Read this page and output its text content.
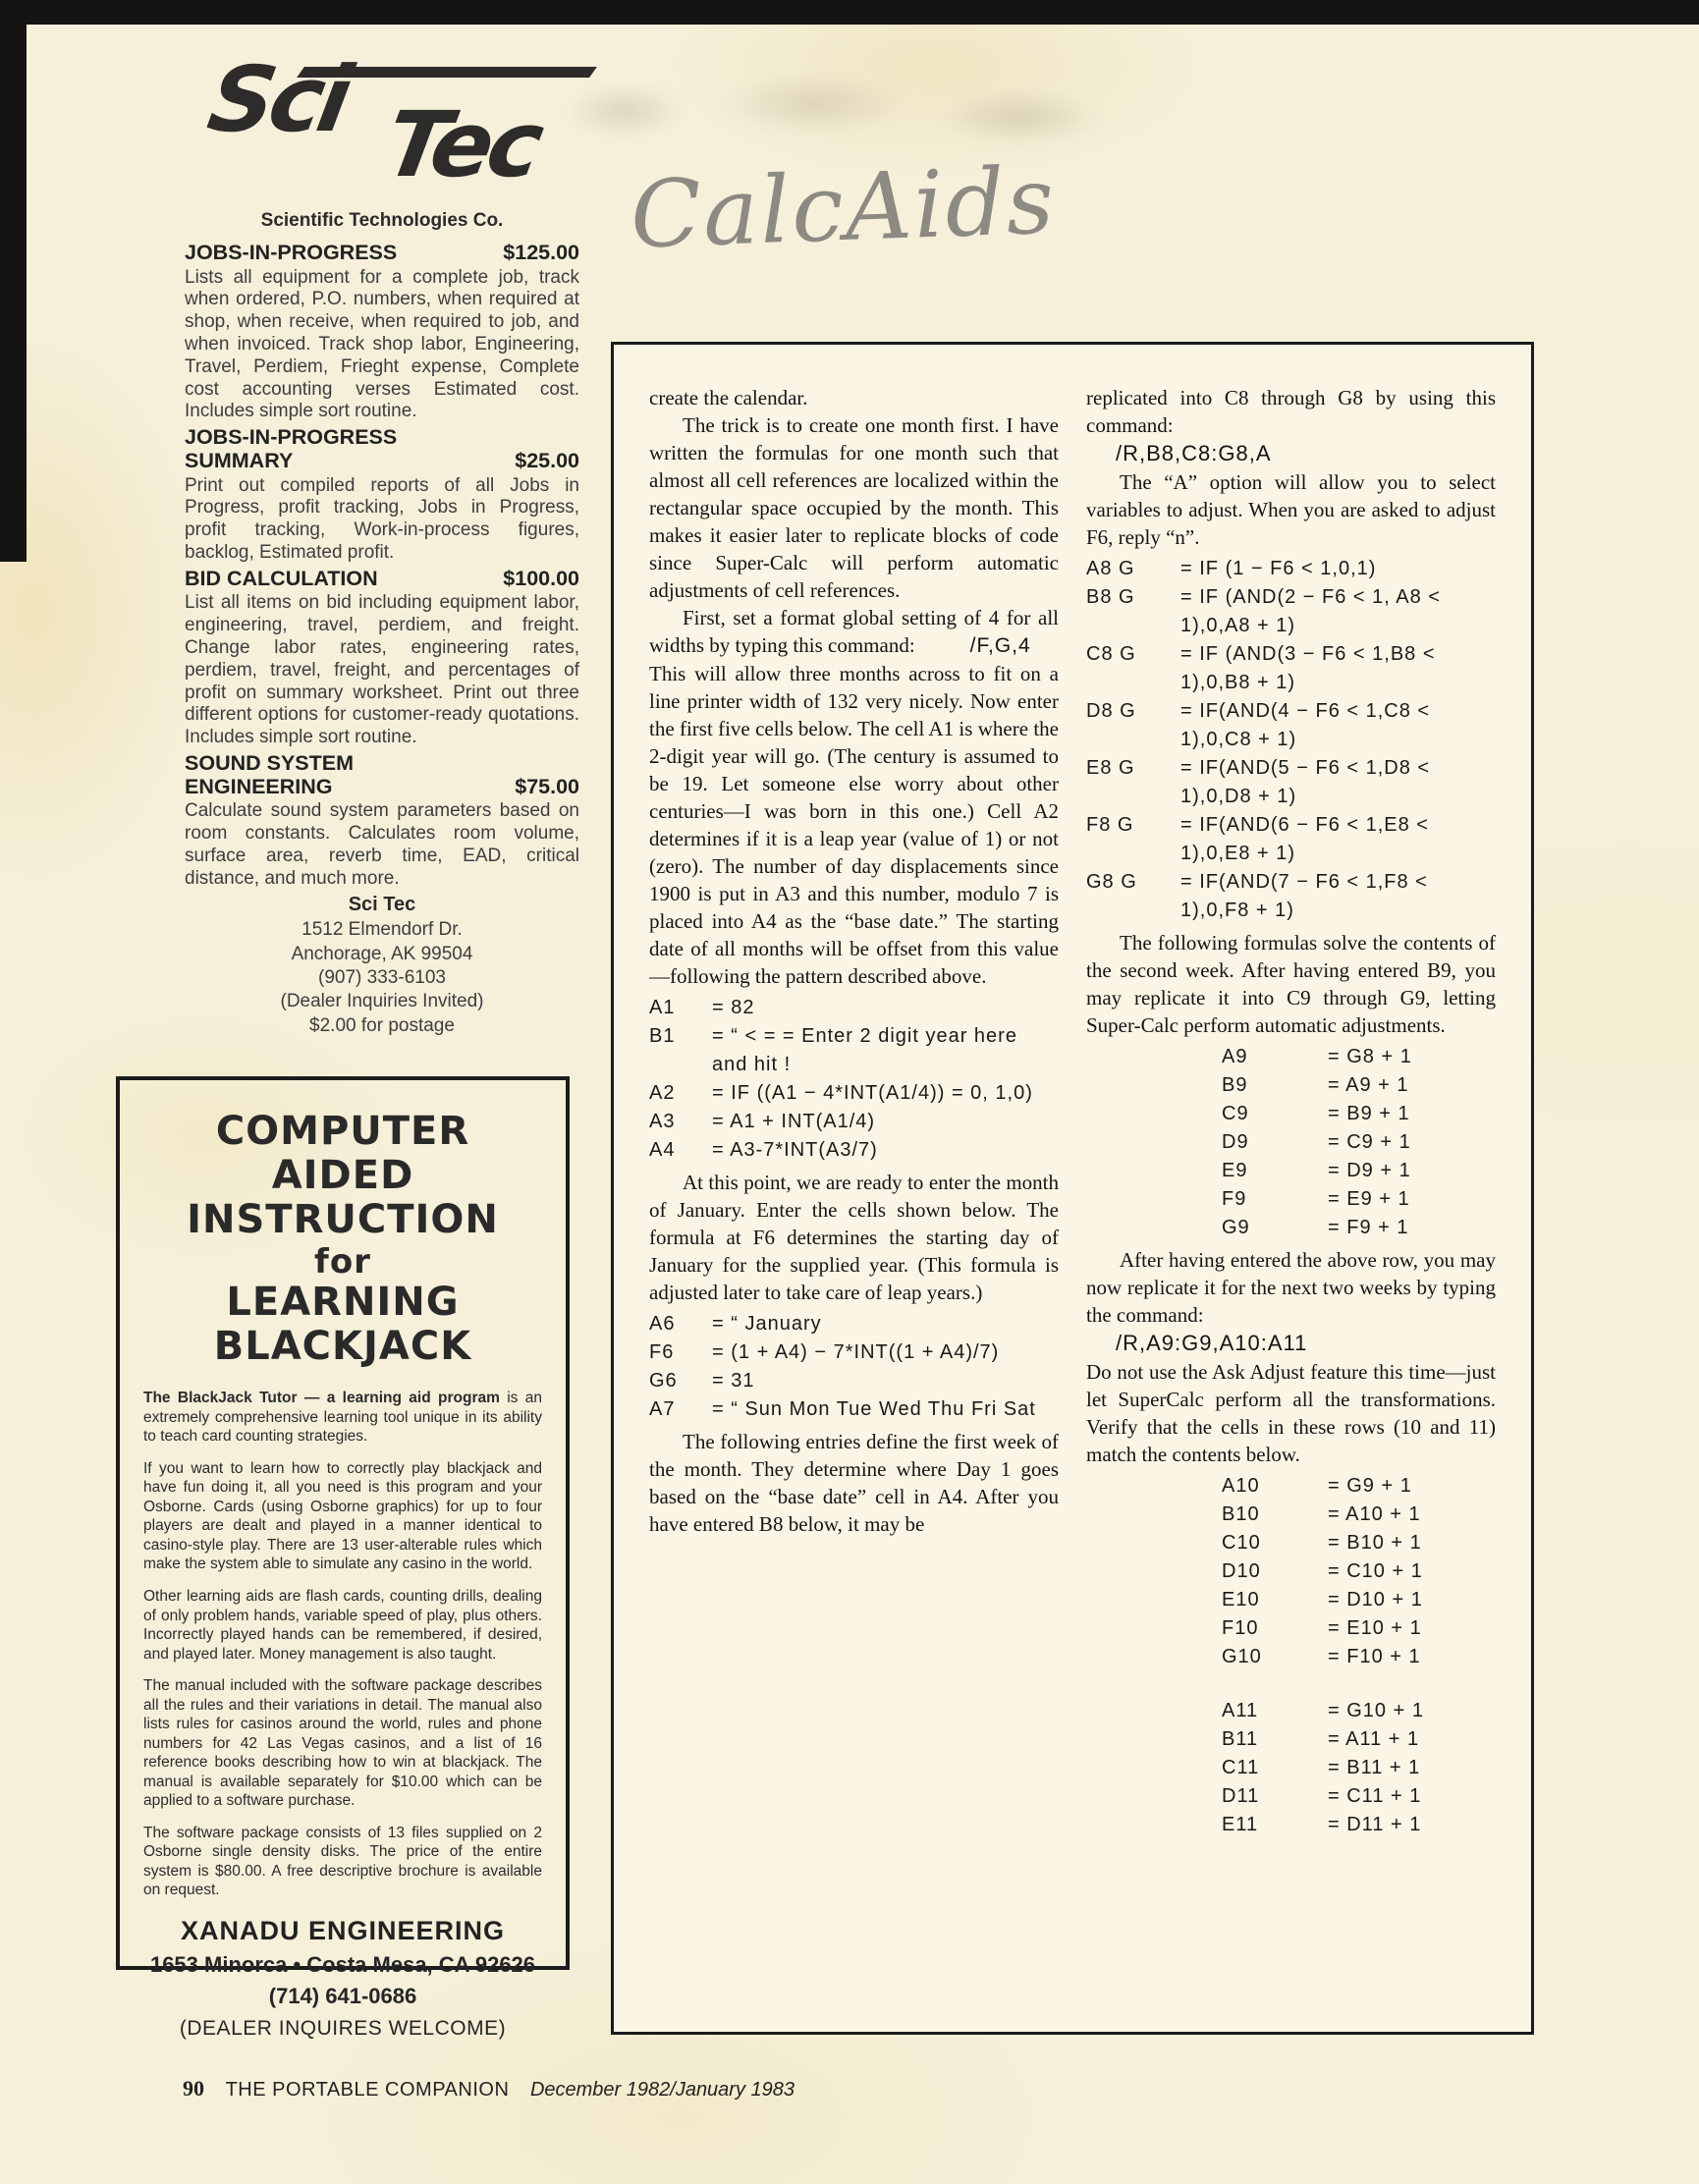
Sci Tec
Scientific Technologies Co.
JOBS-IN-PROGRESS	$125.00

Lists all equipment for a complete job, track when ordered, P.O. numbers, when required at shop, when receive, when required to job, and when invoiced. Track shop labor, Engineering, Travel, Perdiem, Frieght expense, Complete cost accounting verses Estimated cost. Includes simple sort routine.

JOBS-IN-PROGRESS SUMMARY	$25.00

Print out compiled reports of all Jobs in Progress, profit tracking, Jobs in Progress, profit tracking, Work-in-process figures, backlog, Estimated profit.

BID CALCULATION	$100.00

List all items on bid including equipment labor, engineering, travel, perdiem, and freight. Change labor rates, engineering rates, perdiem, travel, freight, and percentages of profit on summary worksheet. Print out three different options for customer-ready quotations. Includes simple sort routine.

SOUND SYSTEM ENGINEERING	$75.00

Calculate sound system parameters based on room constants. Calculates room volume, surface area, reverb time, EAD, critical distance, and much more.

Sci Tec
1512 Elmendorf Dr.
Anchorage, AK 99504
(907) 333-6103
(Dealer Inquiries Invited)
$2.00 for postage
COMPUTER
AIDED
INSTRUCTION
for
LEARNING
BLACKJACK

The BlackJack Tutor — a learning aid program is an extremely comprehensive learning tool unique in its ability to teach card counting strategies.

If you want to learn how to correctly play blackjack and have fun doing it, all you need is this program and your Osborne. Cards (using Osborne graphics) for up to four players are dealt and played in a manner identical to casino-style play. There are 13 user-alterable rules which make the system able to simulate any casino in the world.

Other learning aids are flash cards, counting drills, dealing of only problem hands, variable speed of play, plus others. Incorrectly played hands can be remembered, if desired, and played later. Money management is also taught.

The manual included with the software package describes all the rules and their variations in detail. The manual also lists rules for casinos around the world, rules and phone numbers for 42 Las Vegas casinos, and a list of 16 reference books describing how to win at blackjack. The manual is available separately for $10.00 which can be applied to a software purchase.

The software package consists of 13 files supplied on 2 Osborne single density disks. The price of the entire system is $80.00. A free descriptive brochure is available on request.

XANADU ENGINEERING
1653 Minorca • Costa Mesa, CA 92626
(714) 641-0686
(DEALER INQUIRES WELCOME)
CalcAids

create the calendar.

The trick is to create one month first. I have written the formulas for one month such that almost all cell references are localized within the rectangular space occupied by the month. This makes it easier later to replicate blocks of code since Super-Calc will perform automatic adjustments of cell references.

First, set a format global setting of 4 for all widths by typing this command:	/F,G,4

This will allow three months across to fit on a line printer width of 132 very nicely. Now enter the first five cells below. The cell A1 is where the 2-digit year will go. (The century is assumed to be 19. Let someone else worry about other centuries—I was born in this one.) Cell A2 determines if it is a leap year (value of 1) or not (zero). The number of day displacements since 1900 is put in A3 and this number, modulo 7 is placed into A4 as the “base date.” The starting date of all months will be offset from this value—following the pattern described above.

A1	= 82
B1	= “ < = = Enter 2 digit year here and hit !
A2	= IF ((A1 − 4*INT(A1/4)) = 0, 1,0)
A3	= A1 + INT(A1/4)
A4	= A3-7*INT(A3/7)

At this point, we are ready to enter the month of January. Enter the cells shown below. The formula at F6 determines the starting day of January for the supplied year. (This formula is adjusted later to take care of leap years.)

A6	= “ January
F6	= (1 + A4) − 7*INT((1 + A4)/7)
G6	= 31
A7	= “ Sun Mon Tue Wed Thu Fri Sat

The following entries define the first week of the month. They determine where Day 1 goes based on the “base date” cell in A4. After you have entered B8 below, it may be

replicated into C8 through G8 by using this command:

/R,B8,C8:G8,A

The “A” option will allow you to select variables to adjust. When you are asked to adjust F6, reply “n”.

A8 G	= IF (1 − F6 < 1,0,1)
B8 G	= IF (AND(2 − F6 < 1, A8 < 1),0,A8 + 1)
C8 G	= IF (AND(3 − F6 < 1,B8 < 1),0,B8 + 1)
D8 G	= IF(AND(4 − F6 < 1,C8 < 1),0,C8 + 1)
E8 G	= IF(AND(5 − F6 < 1,D8 < 1),0,D8 + 1)
F8 G	= IF(AND(6 − F6 < 1,E8 < 1),0,E8 + 1)
G8 G	= IF(AND(7 − F6 < 1,F8 < 1),0,F8 + 1)

The following formulas solve the contents of the second week. After having entered B9, you may replicate it into C9 through G9, letting Super-Calc perform automatic adjustments.

A9	= G8 + 1
B9	= A9 + 1
C9	= B9 + 1
D9	= C9 + 1
E9	= D9 + 1
F9	= E9 + 1
G9	= F9 + 1

After having entered the above row, you may now replicate it for the next two weeks by typing the command:

/R,A9:G9,A10:A11

Do not use the Ask Adjust feature this time—just let SuperCalc perform all the transformations. Verify that the cells in these rows (10 and 11) match the contents below.

A10	= G9 + 1
B10	= A10 + 1
C10	= B10 + 1
D10	= C10 + 1
E10	= D10 + 1
F10	= E10 + 1
G10	= F10 + 1
A11	= G10 + 1
B11	= A11 + 1
C11	= B11 + 1
D11	= C11 + 1
E11	= D11 + 1
90 THE PORTABLE COMPANION December 1982/January 1983
